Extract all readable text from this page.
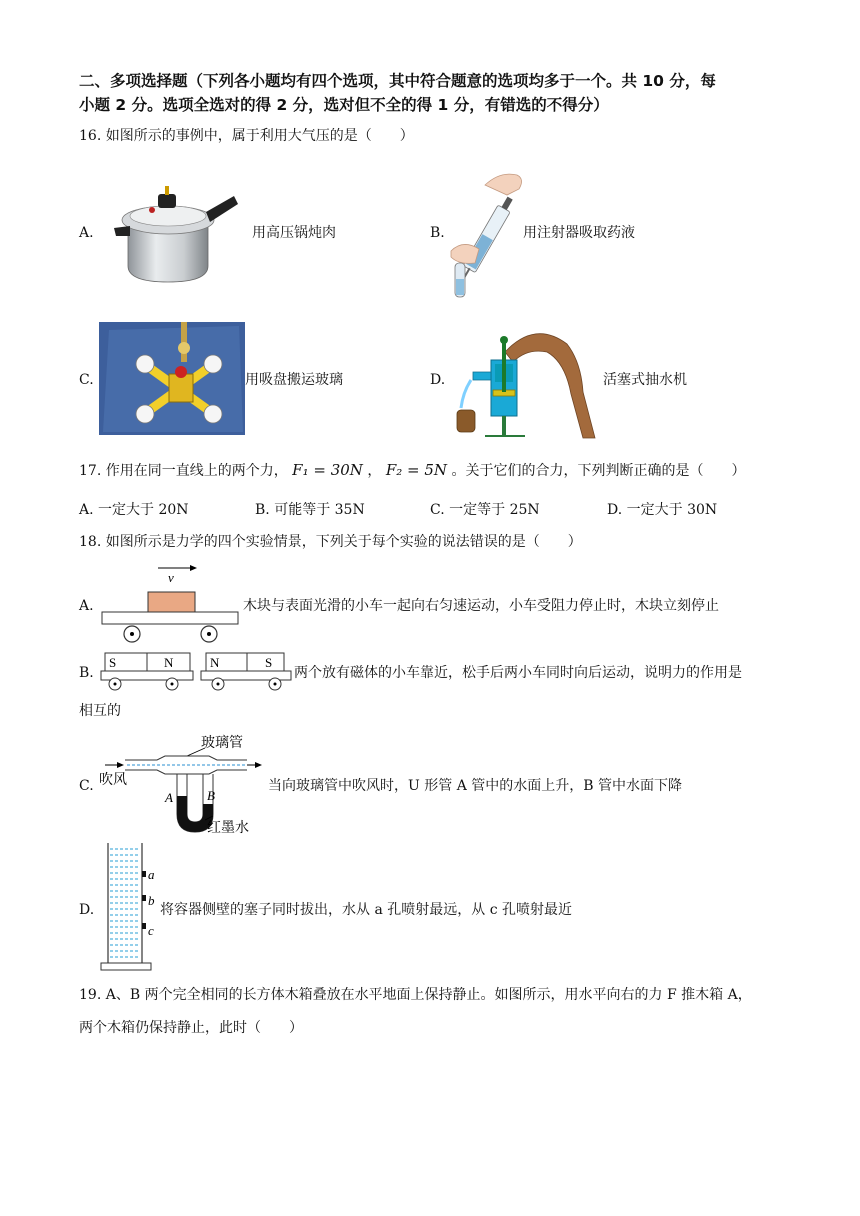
二、多项选择题（下列各小题均有四个选项，其中符合题意的选项均多于一个。共 10 分，每
小题 2 分。选项全选对的得 2 分，选对但不全的得 1 分，有错选的不得分）
16. 如图所示的事例中，属于利用大气压的是（　　）
A.	用高压锅炖肉	B.	用注射器吸取药液
C.	用吸盘搬运玻璃	D.	活塞式抽水机
17. 作用在同一直线上的两个力， F₁ = 30N ， F₂ = 5N 。关于它们的合力，下列判断正确的是（　　）
A. 一定大于 20N	B. 可能等于 35N	C. 一定等于 25N	D. 一定大于 30N
18. 如图所示是力学的四个实验情景，下列关于每个实验的说法错误的是（　　）
A.
v
木块与表面光滑的小车一起向右匀速运动，小车受阻力停止时，木块立刻停止
B.
S	N	N	S
两个放有磁体的小车靠近，松手后两小车同时向后运动，说明力的作用是
相互的
C.
玻璃管
吹风
A	B
红墨水
当向玻璃管中吹风时，U 形管 A 管中的水面上升，B 管中水面下降
D.
a
b
c
将容器侧壁的塞子同时拔出，水从 a 孔喷射最远，从 c 孔喷射最近
19. A、B 两个完全相同的长方体木箱叠放在水平地面上保持静止。如图所示，用水平向右的力 F 推木箱 A，
两个木箱仍保持静止，此时（　　）
